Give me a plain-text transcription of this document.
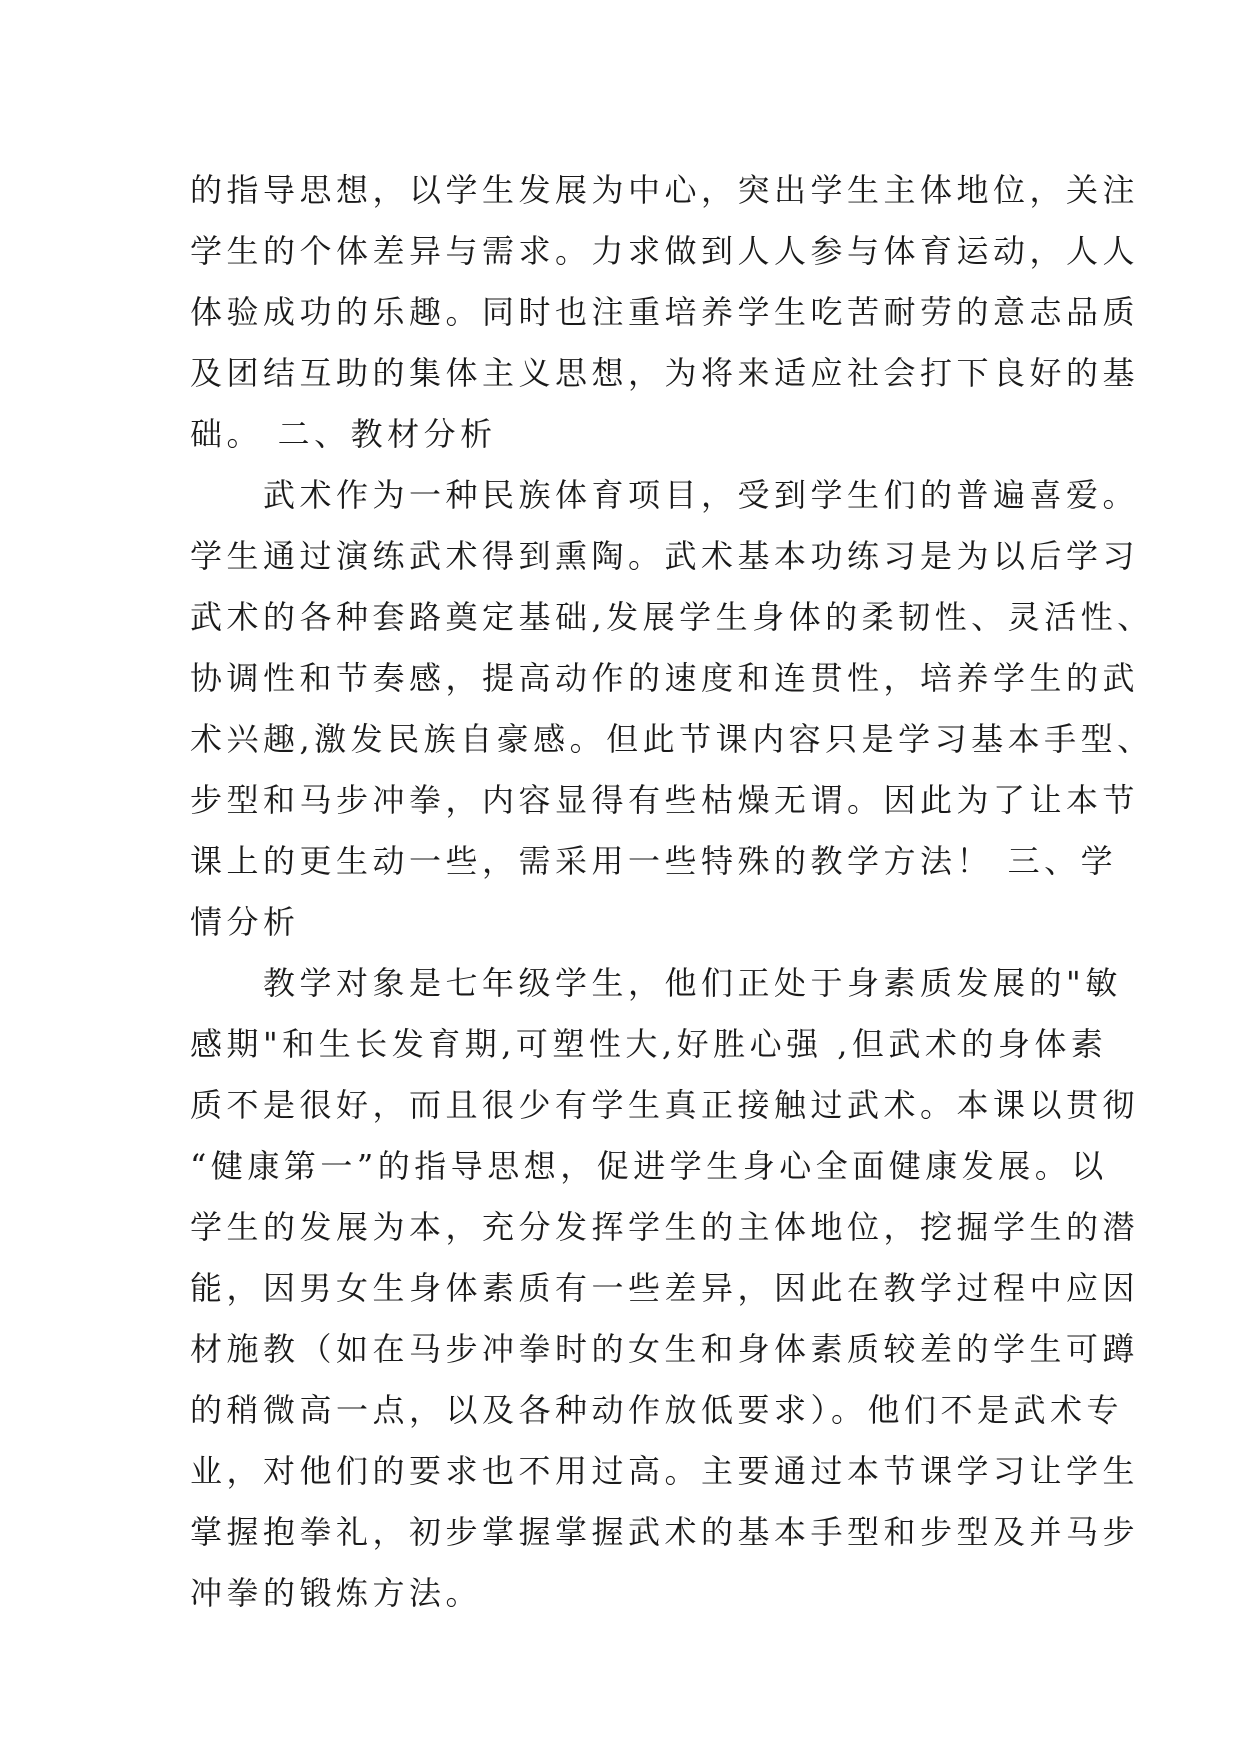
的指导思想，以学生发展为中心，突出学生主体地位，关注
学生的个体差异与需求。力求做到人人参与体育运动，人人
体验成功的乐趣。同时也注重培养学生吃苦耐劳的意志品质
及团结互助的集体主义思想，为将来适应社会打下良好的基
础。 二、教材分析
　　武术作为一种民族体育项目，受到学生们的普遍喜爱。
学生通过演练武术得到熏陶。武术基本功练习是为以后学习
武术的各种套路奠定基础,发展学生身体的柔韧性、灵活性、
协调性和节奏感，提高动作的速度和连贯性，培养学生的武
术兴趣,激发民族自豪感。但此节课内容只是学习基本手型、
步型和马步冲拳，内容显得有些枯燥无谓。因此为了让本节
课上的更生动一些，需采用一些特殊的教学方法！ 三、学
情分析
　　教学对象是七年级学生，他们正处于身素质发展的"敏
感期"和生长发育期,可塑性大,好胜心强 ,但武术的身体素
质不是很好，而且很少有学生真正接触过武术。本课以贯彻
“健康第一”的指导思想，促进学生身心全面健康发展。以
学生的发展为本，充分发挥学生的主体地位，挖掘学生的潜
能，因男女生身体素质有一些差异，因此在教学过程中应因
材施教（如在马步冲拳时的女生和身体素质较差的学生可蹲
的稍微高一点，以及各种动作放低要求）。他们不是武术专
业，对他们的要求也不用过高。主要通过本节课学习让学生
掌握抱拳礼，初步掌握掌握武术的基本手型和步型及并马步
冲拳的锻炼方法。
